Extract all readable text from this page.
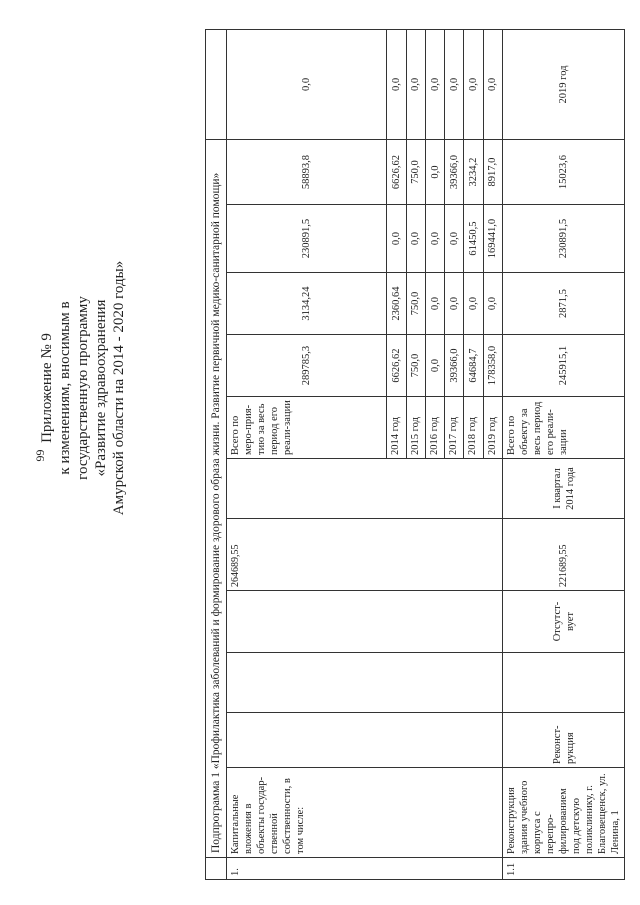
66
Приложение № 9 к изменениям, вносимым в государственную программу «Развитие здравоохранения Амурской области на 2014 - 2020 годы»
		Подпрограмма 1 «Профилактика заболеваний и формирование здорового образа жизни. Развитие первичной медико-санитарной помощи»											
1.	Капитальные вложения в объекты государ-ственной собственности, в том числе:				264689,55		Всего по меро-прия-тию за весь период его реали-зации	289785,3	3134,24	230891,5	58893,8	0,0
							2014 год	6626,62	2360,64	0,0	6626,62	0,0
							2015 год	750,0	750,0	0,0	750,0	0,0
							2016 год	0,0	0,0	0,0	0,0	0,0
							2017 год	39366,0	0,0	0,0	39366,0	0,0
							2018 год	64684,7	0,0	61450,5	3234,2	0,0
							2019 год	178358,0	0,0	169441,0	8917,0	0,0
1.1	Реконструкция здания учебного корпуса с перепро-филированием под детскую поликлинику, г. Благовещенск, ул. Ленина, 1	Реконст-рукция		Отсутст-вует	221689,55	I квартал 2014 года	Всего по объекту за весь период его реали-зации	245915,1	2871,5	230891,5	15023,6	2019 год
